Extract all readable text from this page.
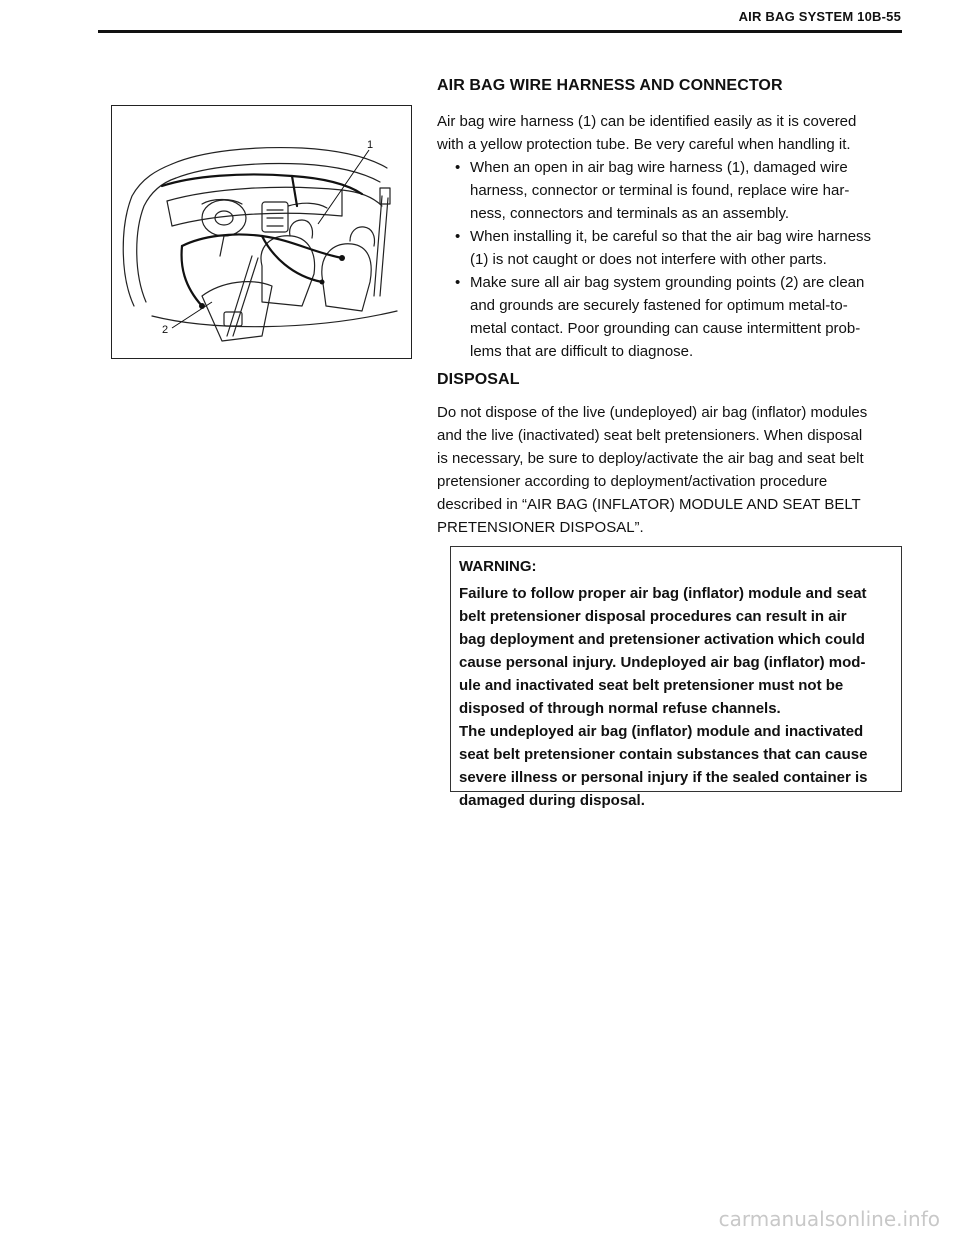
AIR BAG SYSTEM 10B-55
1
2
AIR BAG WIRE HARNESS AND CONNECTOR

Air bag wire harness (1) can be identified easily as it is covered
with a yellow protection tube. Be very careful when handling it.

• When an open in air bag wire harness (1), damaged wire
harness, connector or terminal is found, replace wire har-
ness, connectors and terminals as an assembly.
• When installing it, be careful so that the air bag wire harness
(1) is not caught or does not interfere with other parts.
• Make sure all air bag system grounding points (2) are clean
and grounds are securely fastened for optimum metal-to-
metal contact. Poor grounding can cause intermittent prob-
lems that are difficult to diagnose.
DISPOSAL

Do not dispose of the live (undeployed) air bag (inflator) modules
and the live (inactivated) seat belt pretensioners. When disposal
is necessary, be sure to deploy/activate the air bag and seat belt
pretensioner according to deployment/activation procedure
described in “AIR BAG (INFLATOR) MODULE AND SEAT BELT
PRETENSIONER DISPOSAL”.

WARNING:
Failure to follow proper air bag (inflator) module and seat
belt pretensioner disposal procedures can result in air
bag deployment and pretensioner activation which could
cause personal injury. Undeployed air bag (inflator) mod-
ule and inactivated seat belt pretensioner must not be
disposed of through normal refuse channels.
The undeployed air bag (inflator) module and inactivated
seat belt pretensioner contain substances that can cause
severe illness or personal injury if the sealed container is
damaged during disposal.
carmanualsonline.info
